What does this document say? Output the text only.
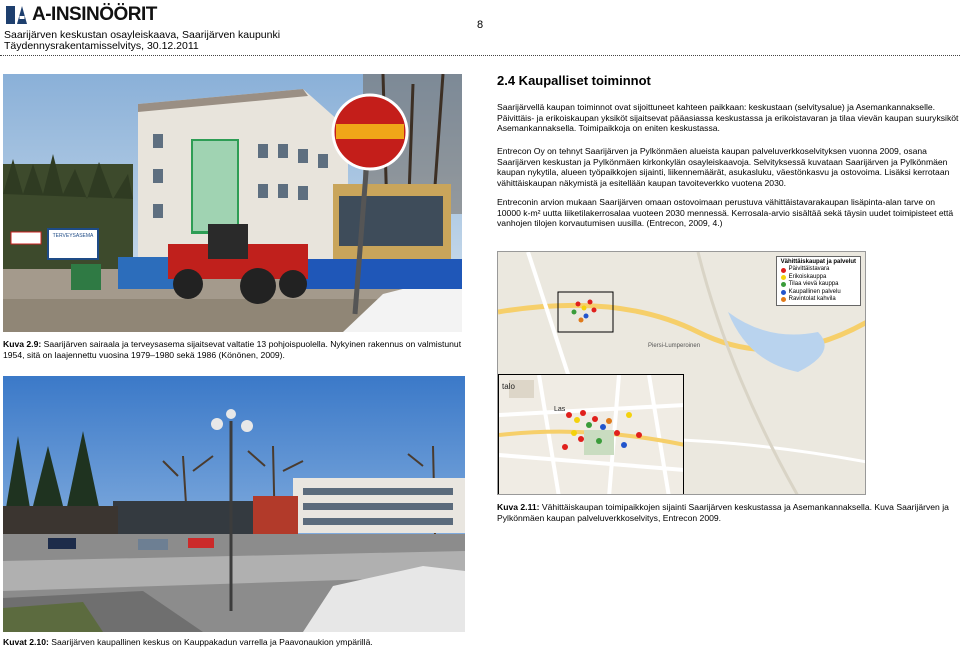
A-INSINÖÖRIT
Saarijärven keskustan osayleiskaava, Saarijärven kaupunki
Täydennysrakentamisselvitys, 30.12.2011
8
TERVEYSASEMA
Kuva 2.9: Saarijärven sairaala ja terveysasema sijaitsevat valtatie 13 pohjoispuolella. Nykyinen rakennus on valmistunut 1954, sitä on laajennettu vuosina 1979–1980 sekä 1986 (Könönen, 2009).
Kuvat 2.10: Saarijärven kaupallinen keskus on Kauppakadun varrella ja Paavonaukion ympärillä.
2.4 Kaupalliset toiminnot
Saarijärvellä kaupan toiminnot ovat sijoittuneet kahteen paikkaan: keskustaan (selvitysalue) ja Asemankannakselle. Päivittäis- ja erikoiskaupan yksiköt sijaitsevat pääasiassa keskustassa ja erikoistavaran ja tilaa vievän kaupan suuryksiköt Asemankannaksella. Toimipaikkoja on eniten keskustassa.
Entrecon Oy on tehnyt Saarijärven ja Pylkönmäen alueista kaupan palveluverkkoselvityksen vuonna 2009, osana Saarijärven keskustan ja Pylkönmäen kirkonkylän osayleiskaavoja. Selvityksessä kuvataan Saarijärven ja Pylkönmäen kaupan nykytila, alueen työpaikkojen sijainti, liikennemäärät, asukasluku, väestönkasvu ja ostovoima. Lisäksi kerrotaan vähittäiskaupan näkymistä ja esitellään kaupan tavoiteverkko vuotena 2030.
Entreconin arvion mukaan Saarijärven omaan ostovoimaan perustuva vähittäistavarakaupan lisäpinta-alan tarve on 10000 k-m² uutta liiketilakerrosalaa vuoteen 2030 mennessä. Kerrosala-arvio sisältää sekä täysin uudet toimipisteet että vanhojen tilojen korvautumisen uusilla. (Entrecon, 2009, 4.)
Piersi-Lumperoinen
Vähittäiskaupat ja palvelut
Päivittäistavara
Erikoiskauppa
Tilaa vievä kauppa
Kaupallinen palvelu
Ravintolat kahvila
talo
Las
Kuva 2.11: Vähittäiskaupan toimipaikkojen sijainti Saarijärven keskustassa ja Asemankannaksella. Kuva Saarijärven ja Pylkönmäen kaupan palveluverkkoselvitys, Entrecon 2009.
